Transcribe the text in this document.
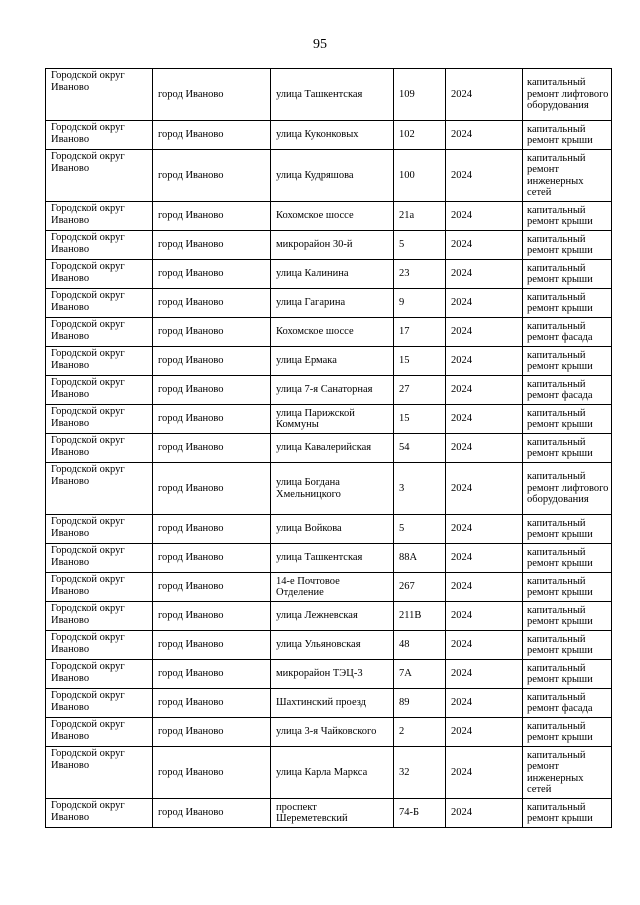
95
Городской округ Иваново	город Иваново	улица Ташкентская	109	2024	капитальный ремонт лифтового оборудования
Городской округ Иваново	город Иваново	улица Куконковых	102	2024	капитальный ремонт крыши
Городской округ Иваново	город Иваново	улица Кудряшова	100	2024	капитальный ремонт инженерных сетей
Городской округ Иваново	город Иваново	Кохомское шоссе	21а	2024	капитальный ремонт крыши
Городской округ Иваново	город Иваново	микрорайон 30-й	5	2024	капитальный ремонт крыши
Городской округ Иваново	город Иваново	улица Калинина	23	2024	капитальный ремонт крыши
Городской округ Иваново	город Иваново	улица Гагарина	9	2024	капитальный ремонт крыши
Городской округ Иваново	город Иваново	Кохомское шоссе	17	2024	капитальный ремонт фасада
Городской округ Иваново	город Иваново	улица Ермака	15	2024	капитальный ремонт крыши
Городской округ Иваново	город Иваново	улица 7-я Санаторная	27	2024	капитальный ремонт фасада
Городской округ Иваново	город Иваново	улица Парижской Коммуны	15	2024	капитальный ремонт крыши
Городской округ Иваново	город Иваново	улица Кавалерийская	54	2024	капитальный ремонт крыши
Городской округ Иваново	город Иваново	улица Богдана Хмельницкого	3	2024	капитальный ремонт лифтового оборудования
Городской округ Иваново	город Иваново	улица Войкова	5	2024	капитальный ремонт крыши
Городской округ Иваново	город Иваново	улица Ташкентская	88А	2024	капитальный ремонт крыши
Городской округ Иваново	город Иваново	14-е Почтовое Отделение	267	2024	капитальный ремонт крыши
Городской округ Иваново	город Иваново	улица Лежневская	211В	2024	капитальный ремонт крыши
Городской округ Иваново	город Иваново	улица Ульяновская	48	2024	капитальный ремонт крыши
Городской округ Иваново	город Иваново	микрорайон ТЭЦ-3	7А	2024	капитальный ремонт крыши
Городской округ Иваново	город Иваново	Шахтинский проезд	89	2024	капитальный ремонт фасада
Городской округ Иваново	город Иваново	улица 3-я Чайковского	2	2024	капитальный ремонт крыши
Городской округ Иваново	город Иваново	улица Карла Маркса	32	2024	капитальный ремонт инженерных сетей
Городской округ Иваново	город Иваново	проспект Шереметевский	74-Б	2024	капитальный ремонт крыши
